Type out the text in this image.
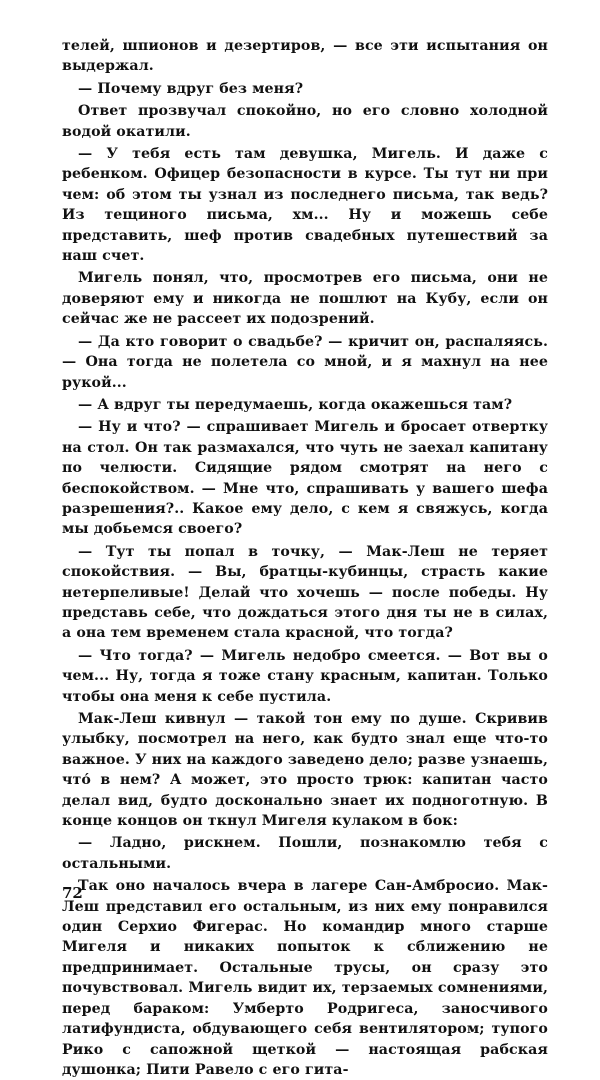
телей, шпионов и дезертиров, — все эти испытания он выдержал.

— Почему вдруг без меня?

Ответ прозвучал спокойно, но его словно холодной водой окатили.

— У тебя есть там девушка, Мигель. И даже с ребенком. Офицер безопасности в курсе. Ты тут ни при чем: об этом ты узнал из последнего письма, так ведь? Из тещиного письма, хм... Ну и можешь себе представить, шеф против свадебных путешествий за наш счет.

Мигель понял, что, просмотрев его письма, они не доверяют ему и никогда не пошлют на Кубу, если он сейчас же не рассеет их подозрений.

— Да кто говорит о свадьбе? — кричит он, распаляясь. — Она тогда не полетела со мной, и я махнул на нее рукой...

— А вдруг ты передумаешь, когда окажешься там?

— Ну и что? — спрашивает Мигель и бросает отвертку на стол. Он так размахался, что чуть не заехал капитану по челюсти. Сидящие рядом смотрят на него с беспокойством. — Мне что, спрашивать у вашего шефа разрешения?.. Какое ему дело, с кем я свяжусь, когда мы добьемся своего?

— Тут ты попал в точку, — Мак-Леш не теряет спокойствия. — Вы, братцы-кубинцы, страсть какие нетерпеливые! Делай что хочешь — после победы. Ну представь себе, что дождаться этого дня ты не в силах, а она тем временем стала красной, что тогда?

— Что тогда? — Мигель недобро смеется. — Вот вы о чем... Ну, тогда я тоже стану красным, капитан. Только чтобы она меня к себе пустила.

Мак-Леш кивнул — такой тон ему по душе. Скривив улыбку, посмотрел на него, как будто знал еще что-то важное. У них на каждого заведено дело; разве узнаешь, что́ в нем? А может, это просто трюк: капитан часто делал вид, будто досконально знает их подноготную. В конце концов он ткнул Мигеля кулаком в бок:

— Ладно, рискнем. Пошли, познакомлю тебя с остальными.

Так оно началось вчера в лагере Сан-Амбросио. Мак-Леш представил его остальным, из них ему понравился один Серхио Фигерас. Но командир много старше Мигеля и никаких попыток к сближению не предпринимает. Остальные трусы, он сразу это почувствовал. Мигель видит их, терзаемых сомнениями, перед бараком: Умберто Родригеса, заносчивого латифундиста, обдувающего себя вентилятором; тупого Рико с сапожной щеткой — настоящая рабская душонка; Пити Равело с его гита-

72
